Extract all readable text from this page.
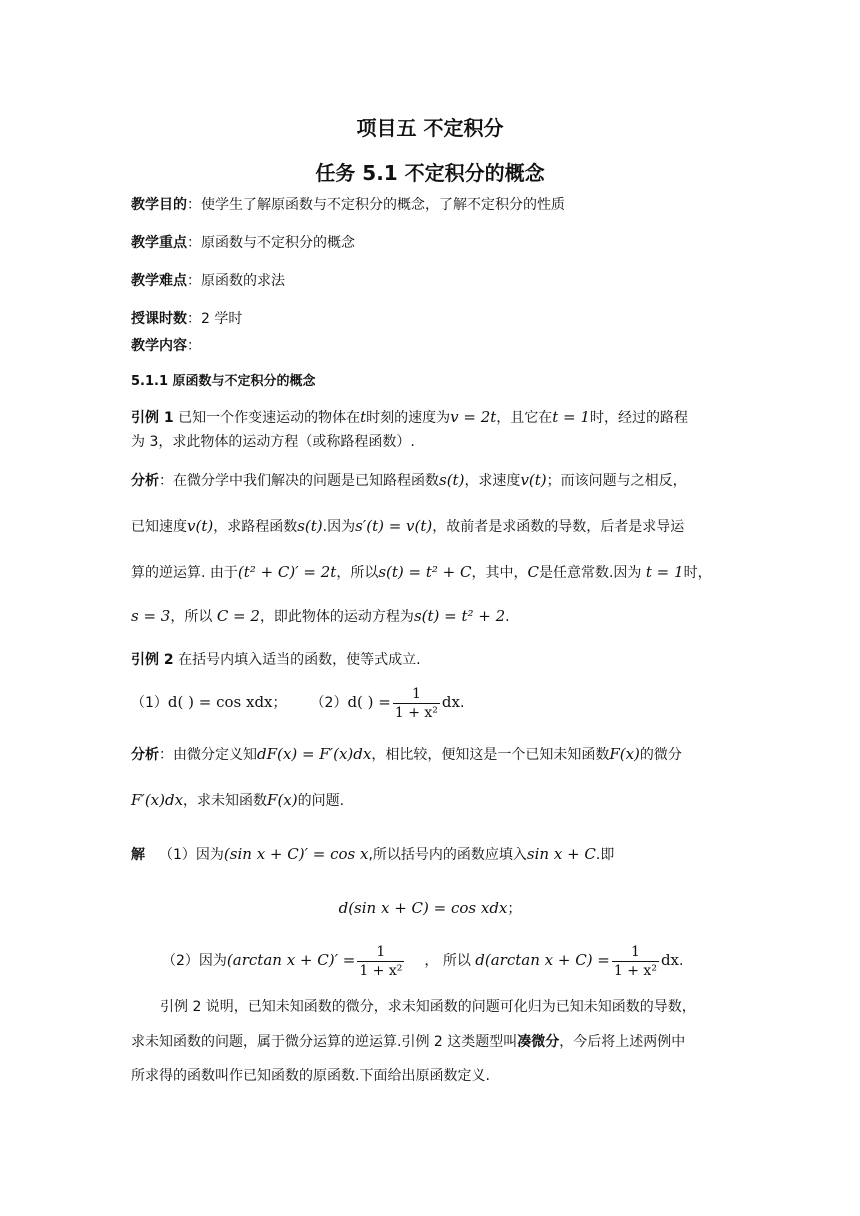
项目五 不定积分
任务 5.1 不定积分的概念
教学目的：使学生了解原函数与不定积分的概念，了解不定积分的性质
教学重点：原函数与不定积分的概念
教学难点：原函数的求法
授课时数：2 学时
教学内容：
5.1.1 原函数与不定积分的概念
引例 1 已知一个作变速运动的物体在t时刻的速度为v = 2t，且它在t = 1时，经过的路程
为 3，求此物体的运动方程（或称路程函数）.
分析：在微分学中我们解决的问题是已知路程函数s(t)，求速度v(t)；而该问题与之相反，
已知速度v(t)，求路程函数s(t).因为s′(t) = v(t)，故前者是求函数的导数，后者是求导运
算的逆运算. 由于(t² + C)′ = 2t，所以s(t) = t² + C，其中，C是任意常数.因为 t = 1时，
s = 3，所以 C = 2，即此物体的运动方程为s(t) = t² + 2.
引例 2 在括号内填入适当的函数，使等式成立.
（1）d( ) = cos xdx； （2）d( ) = $\frac{1}{\text{1 + x²}}$ dx.
分析：由微分定义知dF(x) = F′(x)dx，相比较，便知这是一个已知未知函数F(x)的微分
F′(x)dx，求未知函数F(x)的问题.
解 （1）因为(sin x + C)′ = cos x,所以括号内的函数应填入sin x + C.即
d(sin x + C) = cos xdx；
（2）因为(arctan $x + C)' = \frac{1}{\text{1 + x²}}$ ， 所以 d(arctan $x + C) = \frac{1}{\text{1 + x²}}$ dx.
引例 2 说明，已知未知函数的微分，求未知函数的问题可化归为已知未知函数的导数，
求未知函数的问题，属于微分运算的逆运算.引例 2 这类题型叫凑微分，今后将上述两例中
所求得的函数叫作已知函数的原函数.下面给出原函数定义.
